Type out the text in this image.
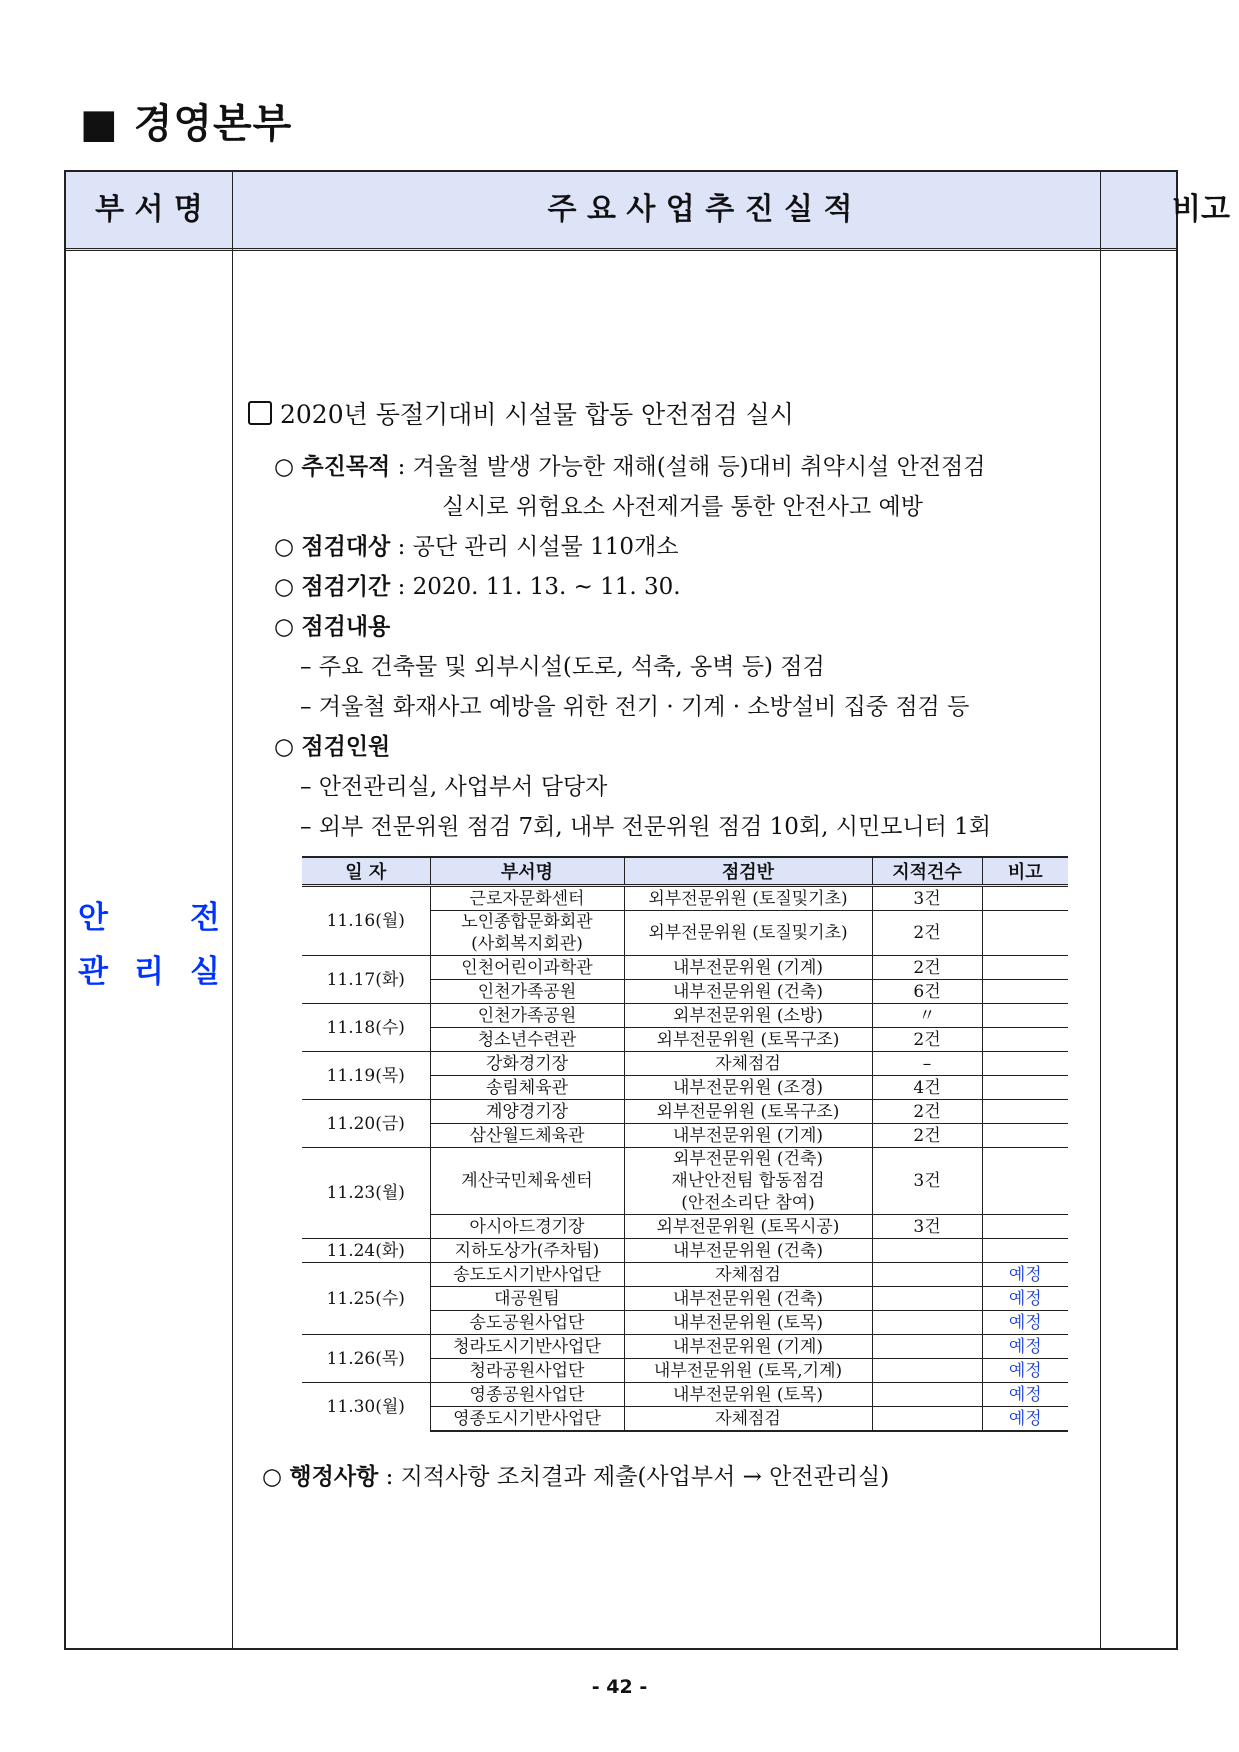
■ 경영본부
부 서 명	주 요 사 업 추 진 실 적	비고
안	전
관 리 실
2020년 동절기대비 시설물 합동 안전점검 실시
○ 추진목적 : 겨울철 발생 가능한 재해(설해 등)대비 취약시설 안전점검
실시로 위험요소 사전제거를 통한 안전사고 예방
○ 점검대상 : 공단 관리 시설물 110개소
○ 점검기간 : 2020. 11. 13. ~ 11. 30.
○ 점검내용
– 주요 건축물 및 외부시설(도로, 석축, 옹벽 등) 점검
– 겨울철 화재사고 예방을 위한 전기 · 기계 · 소방설비 집중 점검 등
○ 점검인원
– 안전관리실, 사업부서 담당자
– 외부 전문위원 점검 7회, 내부 전문위원 점검 10회, 시민모니터 1회
일 자	부서명	점검반	지적건수	비고
11.16(월)	근로자문화센터	외부전문위원 (토질및기초)	3건	
	노인종합문화회관
(사회복지회관)	외부전문위원 (토질및기초)	2건	
11.17(화)	인천어린이과학관	내부전문위원 (기계)	2건	
	인천가족공원	내부전문위원 (건축)	6건	
11.18(수)	인천가족공원	외부전문위원 (소방)	〃	
	청소년수련관	외부전문위원 (토목구조)	2건	
11.19(목)	강화경기장	자체점검	–	
	송림체육관	내부전문위원 (조경)	4건	
11.20(금)	계양경기장	외부전문위원 (토목구조)	2건	
	삼산월드체육관	내부전문위원 (기계)	2건	
11.23(월)	계산국민체육센터	외부전문위원 (건축)
재난안전팀 합동점검
(안전소리단 참여)	3건	
	아시아드경기장	외부전문위원 (토목시공)	3건	
11.24(화)	지하도상가(주차팀)	내부전문위원 (건축)		
11.25(수)	송도도시기반사업단	자체점검		예정
	대공원팀	내부전문위원 (건축)		예정
	송도공원사업단	내부전문위원 (토목)		예정
11.26(목)	청라도시기반사업단	내부전문위원 (기계)		예정
	청라공원사업단	내부전문위원 (토목,기계)		예정
11.30(월)	영종공원사업단	내부전문위원 (토목)		예정
	영종도시기반사업단	자체점검		예정
○ 행정사항 : 지적사항 조치결과 제출(사업부서 → 안전관리실)
- 42 -
